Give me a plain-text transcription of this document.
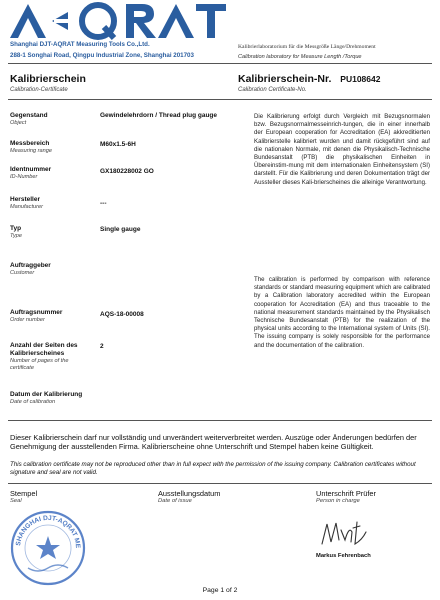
AQRAT
Shanghai DJT-AQRAT Measuring Tools Co.,Ltd.
288-1 Songhai Road, Qingpu Industrial Zone, Shanghai 201703
Kalibrierlaboratorium für die Messgröße Länge/Drehmoment
Calibration laboratory for Measure Length /Torque
Kalibrierschein
Calibration-Certificate
Kalibrierschein-Nr. PU108642
Calibration Certificate-No.
Gegenstand
Object
Gewindelehrdorn / Thread plug gauge
Messbereich
Measuring range
M60x1.5-6H
Identnummer
ID-Number
GX180228002 GO
Hersteller
Manufacturer	---
Typ
Type
Single gauge
Auftraggeber
Customer
Auftragsnummer
Order number
AQS-18-00008
Anzahl der Seiten des Kalibrierscheines
Number of pages of the certificate
2
Datum der Kalibrierung
Date of calibration
Die Kalibrierung erfolgt durch Vergleich mit Bezugsnormalen bzw. Bezugsnormalmesseinrich-tungen, die in einer innerhalb der European cooperation for Accreditation (EA) akkreditierten Kalibrierstelle kalibriert wurden und damit rückgeführt sind auf die nationalen Normale, mit denen die Physikalisch-Technische Bundesanstalt (PTB) die physikalischen Einheiten in Übereinstim-mung mit dem internationalen Einheitensystem (SI) darstellt. Für die Kalibrierung und deren Dokumentation trägt der Aussteller dieses Kali-brierscheines die alleinige Verantwortung.
The calibration is performed by comparison with reference standards or standard measuring equipment which are calibrated by a Calibration laboratory accredited within the European cooperation for Accreditation (EA) and thus traceable to the national measurement standards maintained by the Physikalisch Technische Bundesanstalt (PTB) for the realization of the physical units according to the International system of Units (SI). The issuing company is solely responsible for the performance and the documentation of the calibration.
Dieser Kalibrierschein darf nur vollständig und unverändert weiterverbreitet werden. Auszüge oder Änderungen bedürfen der Genehmigung der ausstellenden Firma. Kalibrierscheine ohne Unterschrift und Stempel haben keine Gültigkeit.
This calibration certificate may not be reproduced other than in full expect with the permission of the issuing company. Calibration certificates without signature and seal are not valid.
Stempel
Seal
Ausstellungsdatum
Date of issue
Unterschrift Prüfer
Person in charge
SHANGHAI DJT-AQRAT ME
Markus Fehrenbach
Page 1 of 2
